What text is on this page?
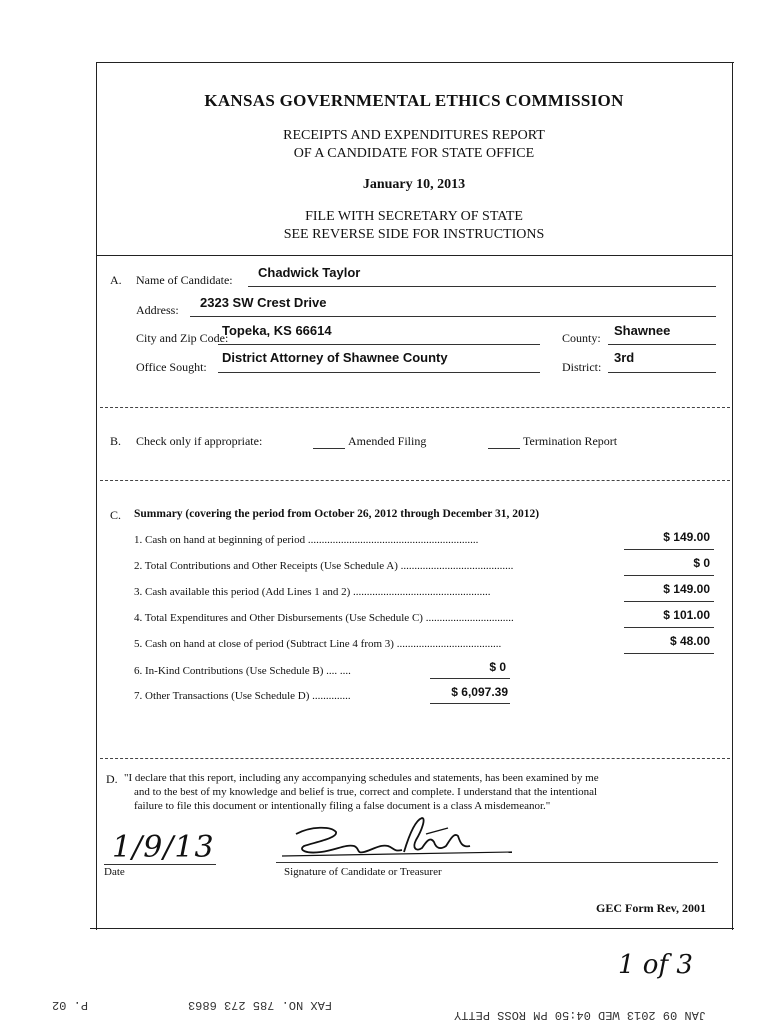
KANSAS GOVERNMENTAL ETHICS COMMISSION
RECEIPTS AND EXPENDITURES REPORT
OF A CANDIDATE FOR STATE OFFICE
January 10, 2013
FILE WITH SECRETARY OF STATE
SEE REVERSE SIDE FOR INSTRUCTIONS
A. Name of Candidate: Chadwick Taylor
Address: 2323 SW Crest Drive
City and Zip Code:
Topeka, KS 66614	County: Shawnee
Office Sought:
District Attorney of Shawnee County
District:
3rd
B. Check only if appropriate:	Amended Filing	Termination Report
C. Summary (covering the period from October 26, 2012 through December 31, 2012)
1. Cash on hand at beginning of period ..............................................................	$ 149.00
2. Total Contributions and Other Receipts (Use Schedule A) .........................................	$ 0
3. Cash available this period (Add Lines 1 and 2) ..................................................	$ 149.00
4. Total Expenditures and Other Disbursements (Use Schedule C) ................................	$ 101.00
5. Cash on hand at close of period (Subtract Line 4 from 3) ......................................	$ 48.00
6. In-Kind Contributions (Use Schedule B) .... ....	$ 0
7. Other Transactions (Use Schedule D) ..............	$ 6,097.39
D. "I declare that this report, including any accompanying schedules and statements, has been examined by me
and to the best of my knowledge and belief is true, correct and complete. I understand that the intentional
failure to file this document or intentionally filing a false document is a class A misdemeanor."
1/9/13
Date	Signature of Candidate or Treasurer
GEC Form Rev, 2001
1 of 3
P. 02	FAX NO. 785 273 6863
JAN 09 2013 WED 04:50 PM ROSS PETTY
